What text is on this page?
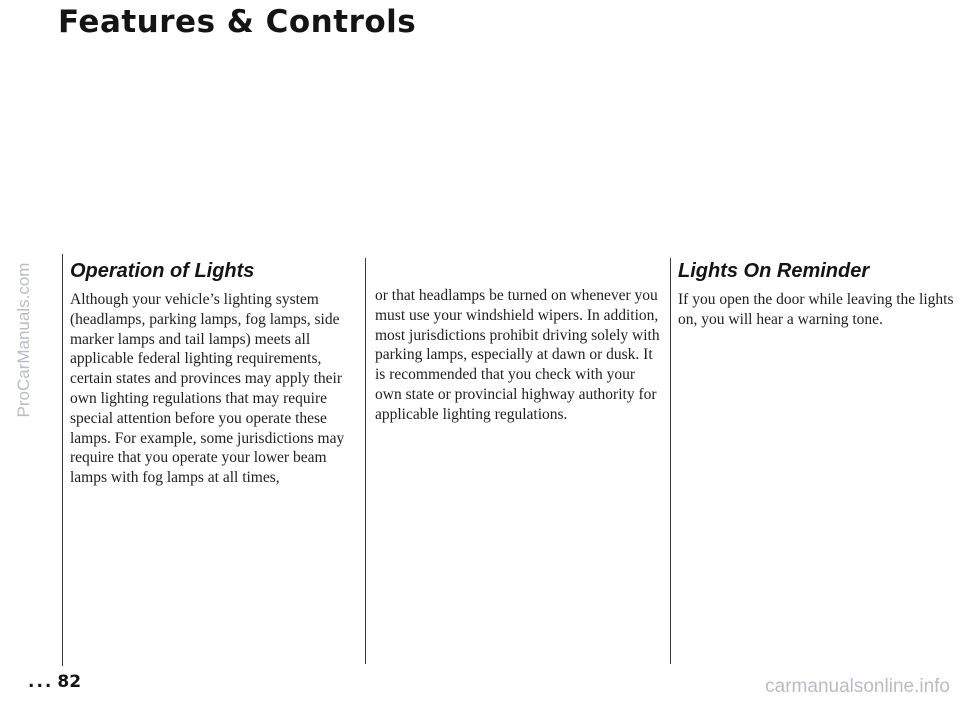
Features & Controls
ProCarManuals.com Operation of Lights

Although your vehicle’s lighting system (headlamps, parking lamps, fog lamps, side marker lamps and tail lamps) meets all applicable federal lighting requirements, certain states and provinces may apply their own lighting regulations that may require special attention before you operate these lamps. For example, some jurisdictions may require that you operate your lower beam lamps with fog lamps at all times,

or that headlamps be turned on whenever you must use your windshield wipers. In addition, most jurisdictions prohibit driving solely with parking lamps, especially at dawn or dusk. It is recommended that you check with your own state or provincial highway authority for applicable lighting regulations.

Lights On Reminder

If you open the door while leaving the lights on, you will hear a warning tone.

... 82	carmanualsonline.info
